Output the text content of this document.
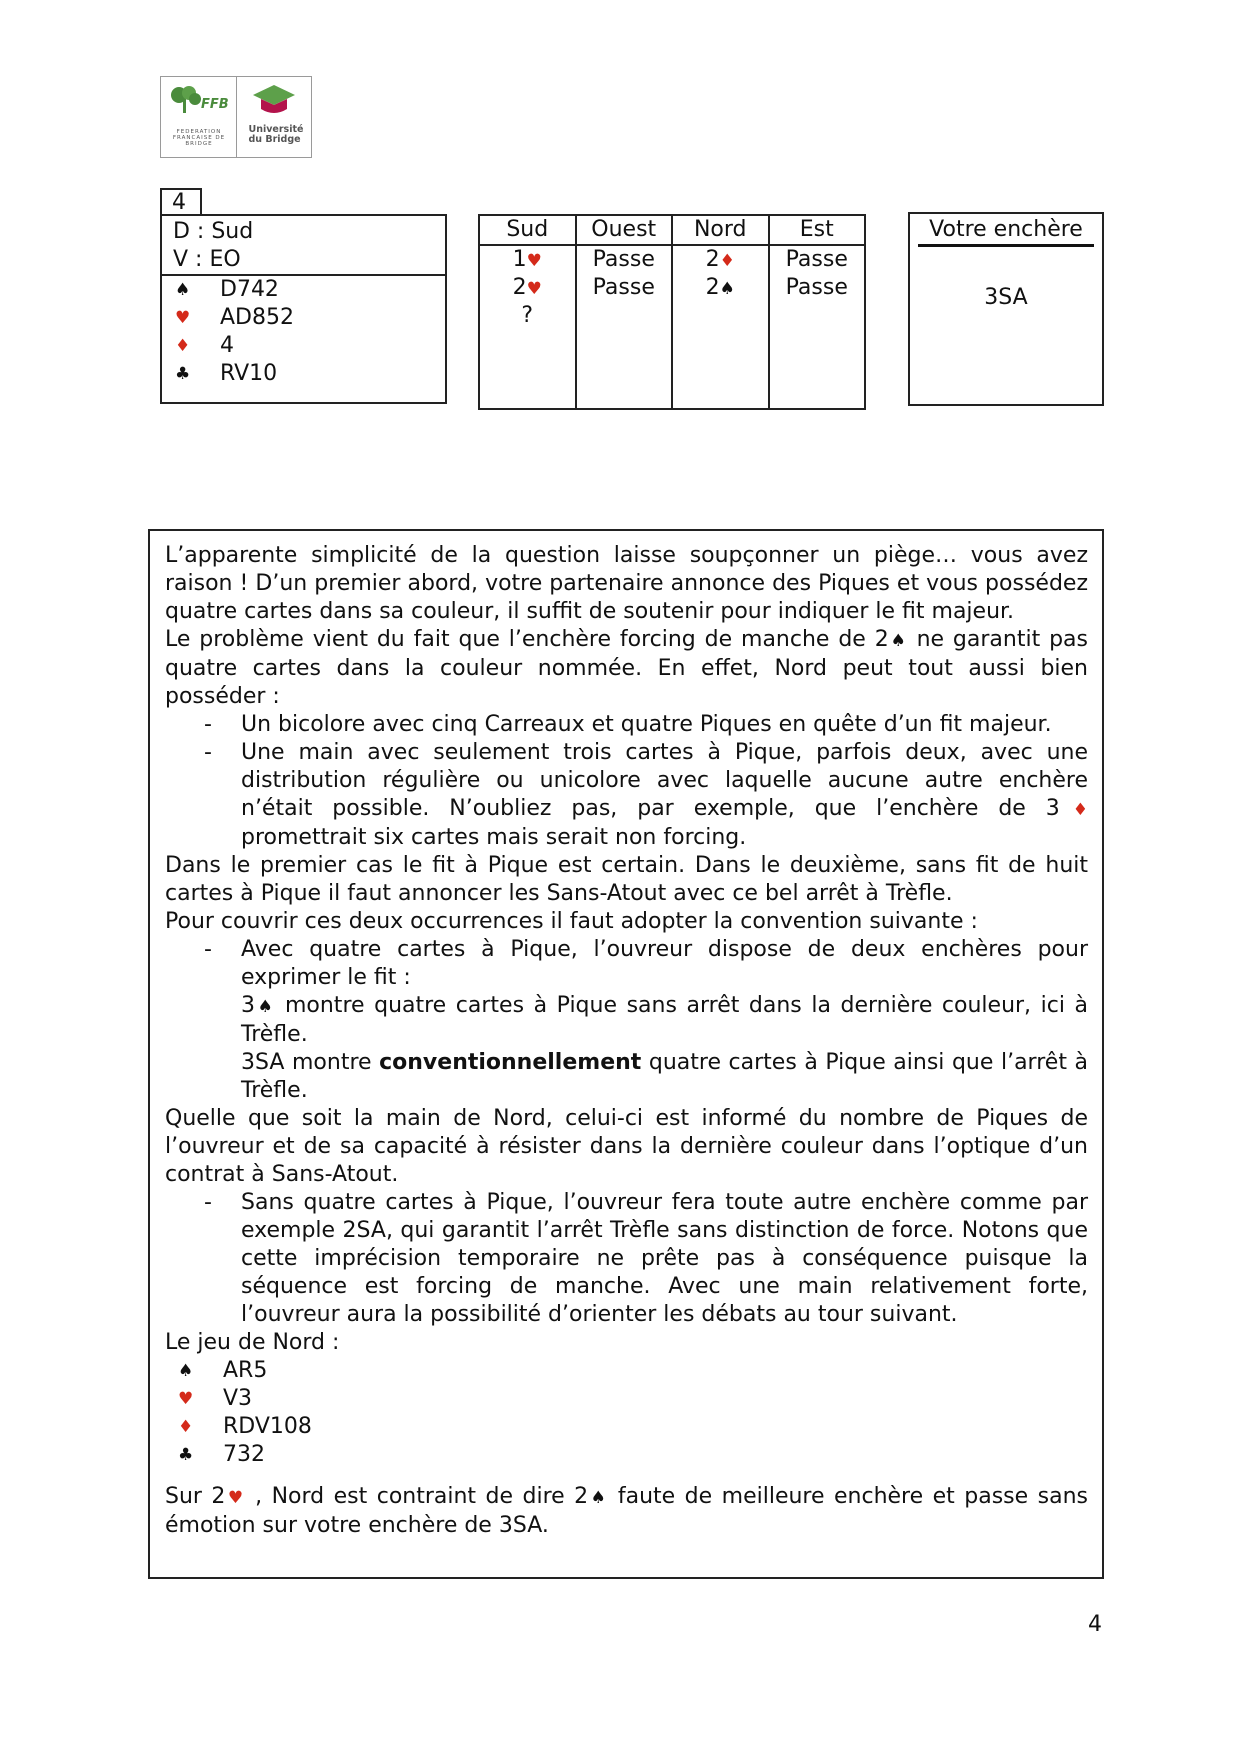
FFB
FEDERATION FRANCAISE DE BRIDGE
Université du Bridge
4
D : Sud
V : EO
♠ D742
♥ AD852
♦ 4
♣ RV10
Sud
1♥
2♥
?
Ouest
Passe
Passe
Nord
2♦
2♠
Est
Passe
Passe
Votre enchère
3SA

L’apparente simplicité de la question laisse soupçonner un piège… vous avez raison ! D’un premier abord, votre partenaire annonce des Piques et vous possédez quatre cartes dans sa couleur, il suffit de soutenir pour indiquer le fit majeur.

Le problème vient du fait que l’enchère forcing de manche de 2♠ ne garantit pas quatre cartes dans la couleur nommée. En effet, Nord peut tout aussi bien posséder :

- Un bicolore avec cinq Carreaux et quatre Piques en quête d’un fit majeur.
- Une main avec seulement trois cartes à Pique, parfois deux, avec une distribution régulière ou unicolore avec laquelle aucune autre enchère n’était possible. N’oubliez pas, par exemple, que l’enchère de 3♦ promettrait six cartes mais serait non forcing.

Dans le premier cas le fit à Pique est certain. Dans le deuxième, sans fit de huit cartes à Pique il faut annoncer les Sans-Atout avec ce bel arrêt à Trèfle.

Pour couvrir ces deux occurrences il faut adopter la convention suivante :

- Avec quatre cartes à Pique, l’ouvreur dispose de deux enchères pour exprimer le fit :
3♠ montre quatre cartes à Pique sans arrêt dans la dernière couleur, ici à Trèfle.
3SA montre conventionnellement quatre cartes à Pique ainsi que l’arrêt à Trèfle.

Quelle que soit la main de Nord, celui-ci est informé du nombre de Piques de l’ouvreur et de sa capacité à résister dans la dernière couleur dans l’optique d’un contrat à Sans-Atout.

- Sans quatre cartes à Pique, l’ouvreur fera toute autre enchère comme par exemple 2SA, qui garantit l’arrêt Trèfle sans distinction de force. Notons que cette imprécision temporaire ne prête pas à conséquence puisque la séquence est forcing de manche. Avec une main relativement forte, l’ouvreur aura la possibilité d’orienter les débats au tour suivant.

Le jeu de Nord :

♠ AR5
♥ V3
♦ RDV108
♣ 732

Sur 2♥ , Nord est contraint de dire 2♠ faute de meilleure enchère et passe sans émotion sur votre enchère de 3SA.

4
